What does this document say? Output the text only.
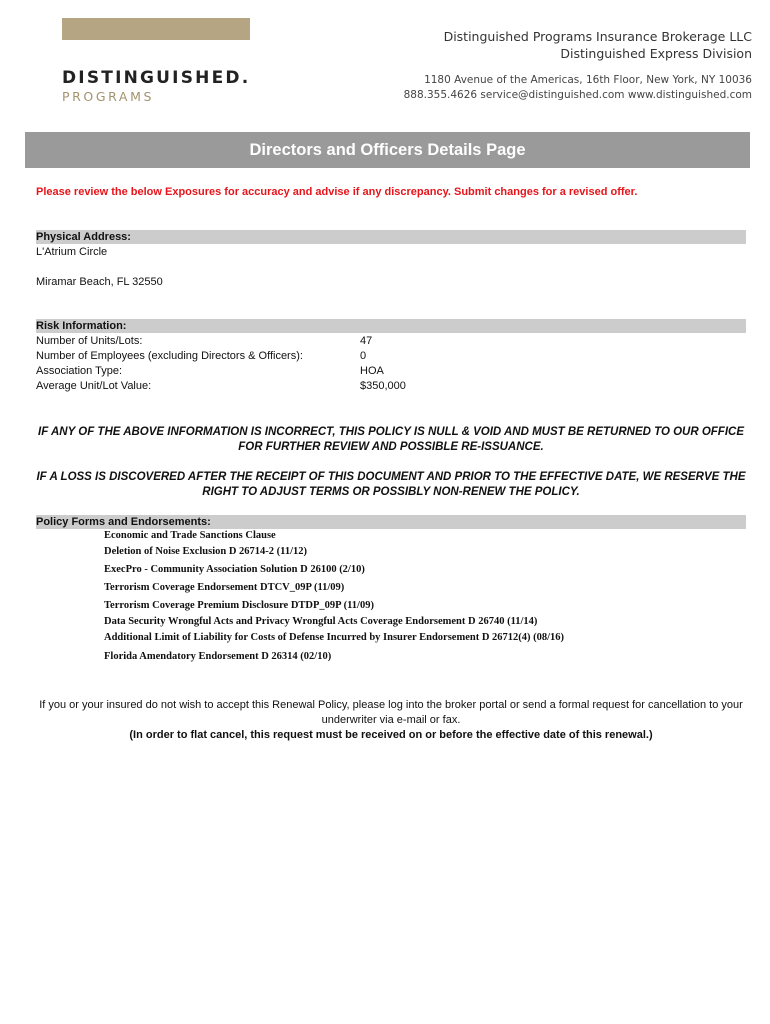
DISTINGUISHED.
PROGRAMS
Distinguished Programs Insurance Brokerage LLC
Distinguished Express Division
1180 Avenue of the Americas, 16th Floor, New York, NY 10036
888.355.4626 service@distinguished.com www.distinguished.com
Directors and Officers Details Page
Please review the below Exposures for accuracy and advise if any discrepancy. Submit changes for a revised offer.
Physical Address:
L'Atrium Circle
Miramar Beach, FL 32550
Risk Information:
Number of Units/Lots:	47
Number of Employees (excluding Directors & Officers):	0
Association Type:	HOA
Average Unit/Lot Value:	$350,000
IF ANY OF THE ABOVE INFORMATION IS INCORRECT, THIS POLICY IS NULL & VOID AND MUST BE RETURNED TO OUR OFFICE FOR FURTHER REVIEW AND POSSIBLE RE-ISSUANCE.
IF A LOSS IS DISCOVERED AFTER THE RECEIPT OF THIS DOCUMENT AND PRIOR TO THE EFFECTIVE DATE, WE RESERVE THE RIGHT TO ADJUST TERMS OR POSSIBLY NON-RENEW THE POLICY.
Policy Forms and Endorsements:
Economic and Trade Sanctions Clause
Deletion of Noise Exclusion D 26714-2 (11/12)
ExecPro - Community Association Solution D 26100 (2/10)
Terrorism Coverage Endorsement DTCV_09P (11/09)
Terrorism Coverage Premium Disclosure DTDP_09P (11/09)
Data Security Wrongful Acts and Privacy Wrongful Acts Coverage Endorsement D 26740 (11/14)
Additional Limit of Liability for Costs of Defense Incurred by Insurer Endorsement D 26712(4) (08/16)
Florida Amendatory Endorsement D 26314 (02/10)
If you or your insured do not wish to accept this Renewal Policy, please log into the broker portal or send a formal request for cancellation to your underwriter via e-mail or fax.
(In order to flat cancel, this request must be received on or before the effective date of this renewal.)
